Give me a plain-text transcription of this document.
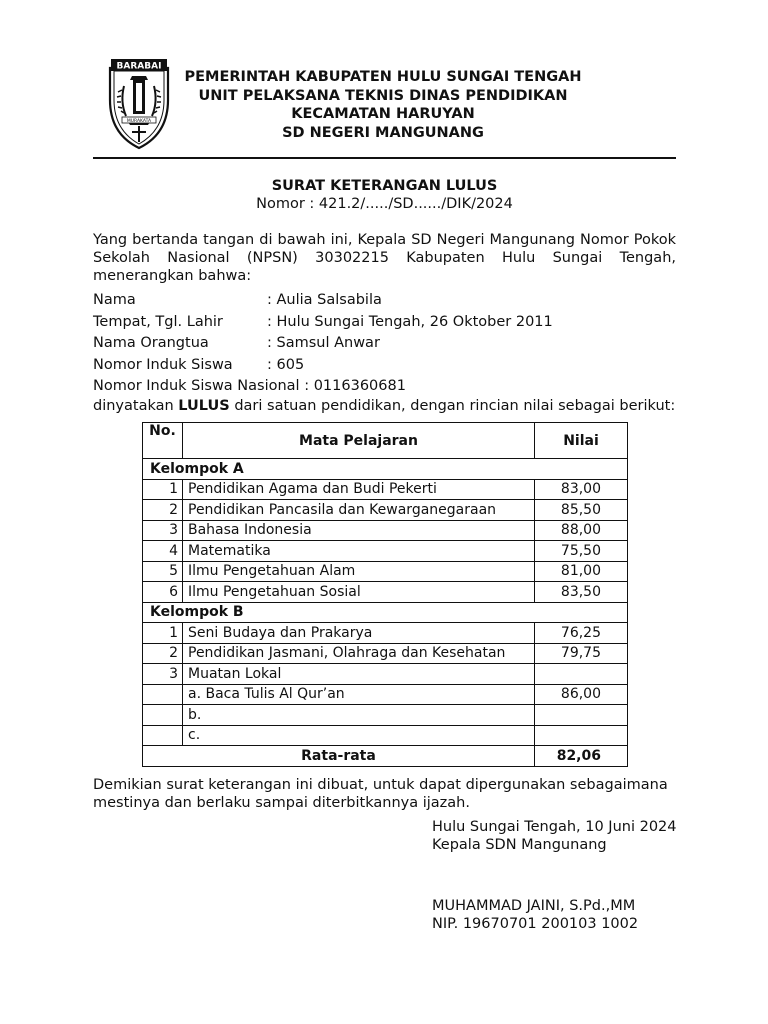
BARABAI
MURAKATA
PEMERINTAH KABUPATEN HULU SUNGAI TENGAH
UNIT PELAKSANA TEKNIS DINAS PENDIDIKAN
KECAMATAN HARUYAN
SD NEGERI MANGUNANG
SURAT KETERANGAN LULUS
Nomor : 421.2/...../SD....../DIK/2024
Yang bertanda tangan di bawah ini, Kepala SD Negeri Mangunang Nomor Pokok Sekolah Nasional (NPSN) 30302215 Kabupaten Hulu Sungai Tengah, menerangkan bahwa:
Nama	: Aulia Salsabila
Tempat, Tgl. Lahir	: Hulu Sungai Tengah, 26 Oktober 2011
Nama Orangtua	: Samsul Anwar
Nomor Induk Siswa : 605
Nomor Induk Siswa Nasional : 0116360681
dinyatakan LULUS dari satuan pendidikan, dengan rincian nilai sebagai berikut:
No.	Mata Pelajaran	Nilai
Kelompok A		
1	Pendidikan Agama dan Budi Pekerti	83,00
2	Pendidikan Pancasila dan Kewarganegaraan	85,50
3	Bahasa Indonesia	88,00
4	Matematika	75,50
5	Ilmu Pengetahuan Alam	81,00
6	Ilmu Pengetahuan Sosial	83,50
Kelompok B		
1	Seni Budaya dan Prakarya	76,25
2	Pendidikan Jasmani, Olahraga dan Kesehatan	79,75
3	Muatan Lokal	
	a. Baca Tulis Al Qur’an	86,00
	b.	
	c.	
Rata-rata		82,06
Demikian surat keterangan ini dibuat, untuk dapat dipergunakan sebagaimana mestinya dan berlaku sampai diterbitkannya ijazah.
Hulu Sungai Tengah, 10 Juni 2024
Kepala SDN Mangunang
MUHAMMAD JAINI, S.Pd.,MM
NIP. 19670701 200103 1002
